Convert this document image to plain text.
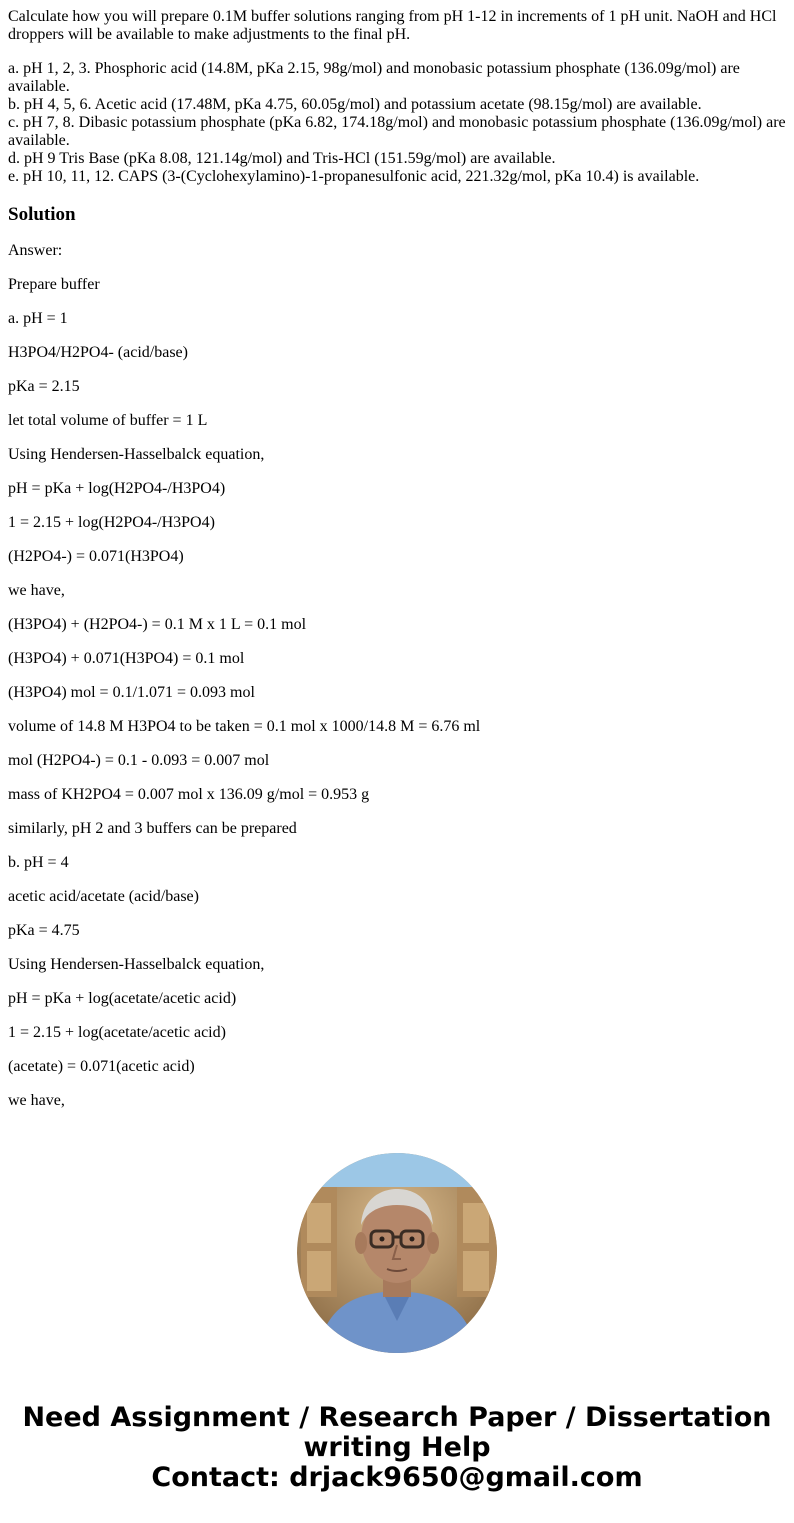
Calculate how you will prepare 0.1M buffer solutions ranging from pH 1-12 in increments of 1 pH unit. NaOH and HCl droppers will be available to make adjustments to the final pH.

a. pH 1, 2, 3. Phosphoric acid (14.8M, pKa 2.15, 98g/mol) and monobasic potassium phosphate (136.09g/mol) are available.
b. pH 4, 5, 6. Acetic acid (17.48M, pKa 4.75, 60.05g/mol) and potassium acetate (98.15g/mol) are available.
c. pH 7, 8. Dibasic potassium phosphate (pKa 6.82, 174.18g/mol) and monobasic potassium phosphate (136.09g/mol) are available.
d. pH 9 Tris Base (pKa 8.08, 121.14g/mol) and Tris-HCl (151.59g/mol) are available.
e. pH 10, 11, 12. CAPS (3-(Cyclohexylamino)-1-propanesulfonic acid, 221.32g/mol, pKa 10.4) is available.
Solution

Answer:

Prepare buffer

a. pH = 1

H3PO4/H2PO4- (acid/base)

pKa = 2.15

let total volume of buffer = 1 L

Using Hendersen-Hasselbalck equation,

pH = pKa + log(H2PO4-/H3PO4)

1 = 2.15 + log(H2PO4-/H3PO4)

(H2PO4-) = 0.071(H3PO4)

we have,

(H3PO4) + (H2PO4-) = 0.1 M x 1 L = 0.1 mol

(H3PO4) + 0.071(H3PO4) = 0.1 mol

(H3PO4) mol = 0.1/1.071 = 0.093 mol

volume of 14.8 M H3PO4 to be taken = 0.1 mol x 1000/14.8 M = 6.76 ml

mol (H2PO4-) = 0.1 - 0.093 = 0.007 mol

mass of KH2PO4 = 0.007 mol x 136.09 g/mol = 0.953 g

similarly, pH 2 and 3 buffers can be prepared

b. pH = 4

acetic acid/acetate (acid/base)

pKa = 4.75

Using Hendersen-Hasselbalck equation,

pH = pKa + log(acetate/acetic acid)

1 = 2.15 + log(acetate/acetic acid)

(acetate) = 0.071(acetic acid)

we have,

Need Assignment / Research Paper / Dissertation
writing Help
Contact: drjack9650@gmail.com
